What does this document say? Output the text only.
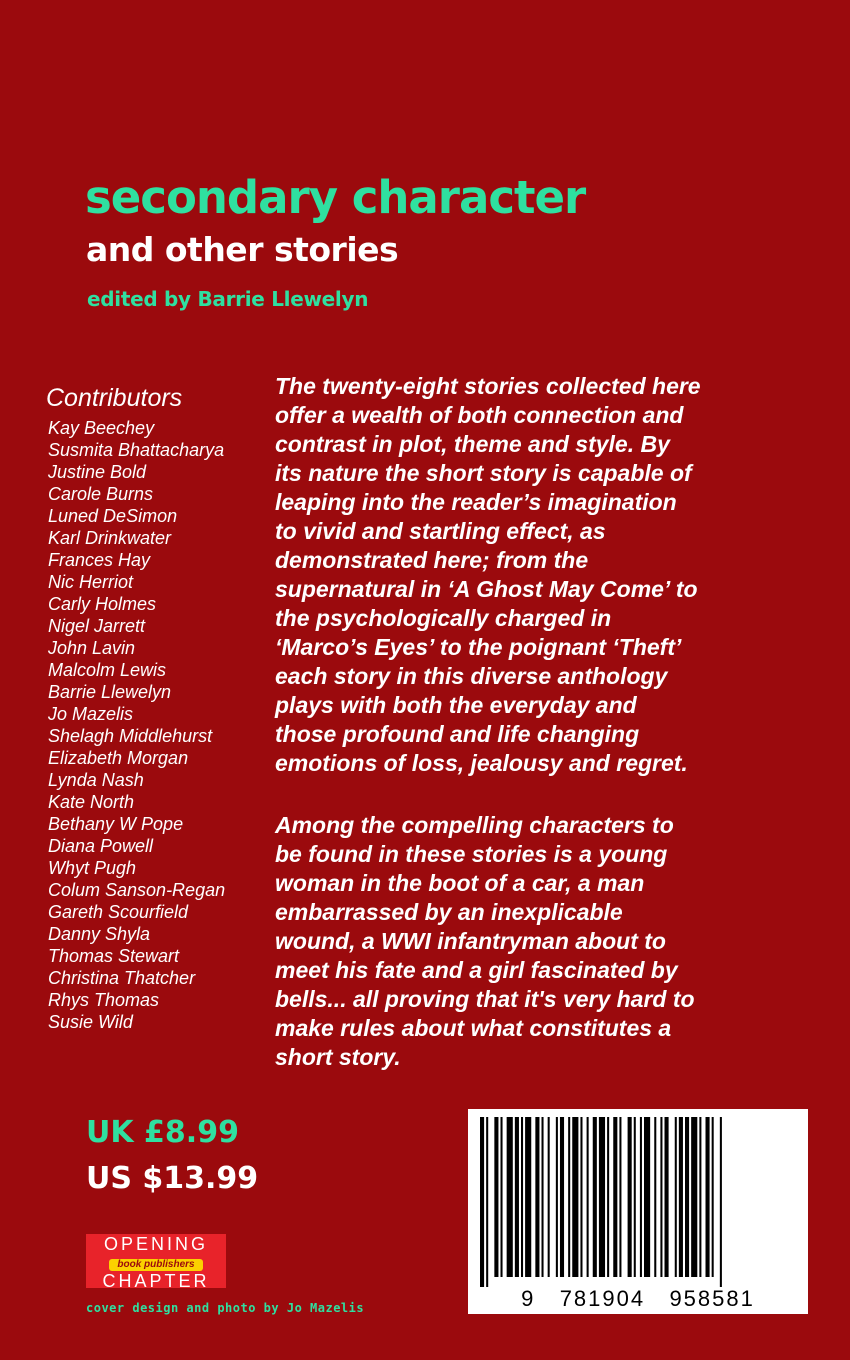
secondary character
and other stories
edited by Barrie Llewelyn
Contributors
Kay Beechey
Susmita Bhattacharya
Justine Bold
Carole Burns
Luned DeSimon
Karl Drinkwater
Frances Hay
Nic Herriot
Carly Holmes
Nigel Jarrett
John Lavin
Malcolm Lewis
Barrie Llewelyn
Jo Mazelis
Shelagh Middlehurst
Elizabeth Morgan
Lynda Nash
Kate North
Bethany W Pope
Diana Powell
Whyt Pugh
Colum Sanson-Regan
Gareth Scourfield
Danny Shyla
Thomas Stewart
Christina Thatcher
Rhys Thomas
Susie Wild

The twenty-eight stories collected here
offer a wealth of both connection and
contrast in plot, theme and style. By
its nature the short story is capable of
leaping into the reader’s imagination
to vivid and startling effect, as
demonstrated here; from the
supernatural in ‘A Ghost May Come’ to
the psychologically charged in
‘Marco’s Eyes’ to the poignant ‘Theft’
each story in this diverse anthology
plays with both the everyday and
those profound and life changing
emotions of loss, jealousy and regret.

Among the compelling characters to
be found in these stories is a young
woman in the boot of a car, a man
embarrassed by an inexplicable
wound, a WWI infantryman about to
meet his fate and a girl fascinated by
bells... all proving that it's very hard to
make rules about what constitutes a
short story.

UK £8.99
US $13.99
OPENING
book publishers
CHAPTER
cover design and photo by Jo Mazelis	9   781904   958581
